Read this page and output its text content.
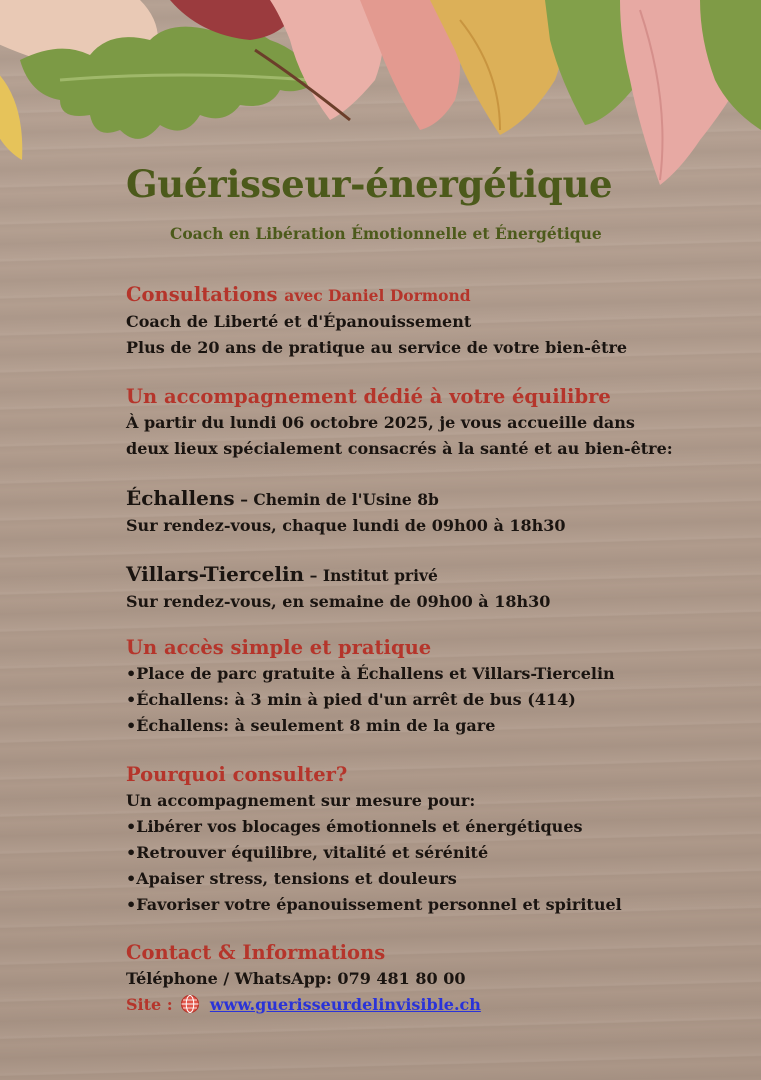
Guérisseur-énergétique

Coach en Libération Émotionnelle et Énergétique

Consultations avec Daniel Dormond

Coach de Liberté et d'Épanouissement

Plus de 20 ans de pratique au service de votre bien-être

Un accompagnement dédié à votre équilibre

À partir du lundi 06 octobre 2025, je vous accueille dans

deux lieux spécialement consacrés à la santé et au bien-être:

Échallens – Chemin de l'Usine 8b

Sur rendez-vous, chaque lundi de 09h00 à 18h30

Villars-Tiercelin – Institut privé

Sur rendez-vous, en semaine de 09h00 à 18h30

Un accès simple et pratique

•Place de parc gratuite à Échallens et Villars-Tiercelin

•Échallens: à 3 min à pied d'un arrêt de bus (414)

•Échallens: à seulement 8 min de la gare

Pourquoi consulter?

Un accompagnement sur mesure pour:

•Libérer vos blocages émotionnels et énergétiques

•Retrouver équilibre, vitalité et sérénité

•Apaiser stress, tensions et douleurs

•Favoriser votre épanouissement personnel et spirituel

Contact & Informations

Téléphone / WhatsApp: 079 481 80 00

Site : www.guerisseurdelinvisible.ch
